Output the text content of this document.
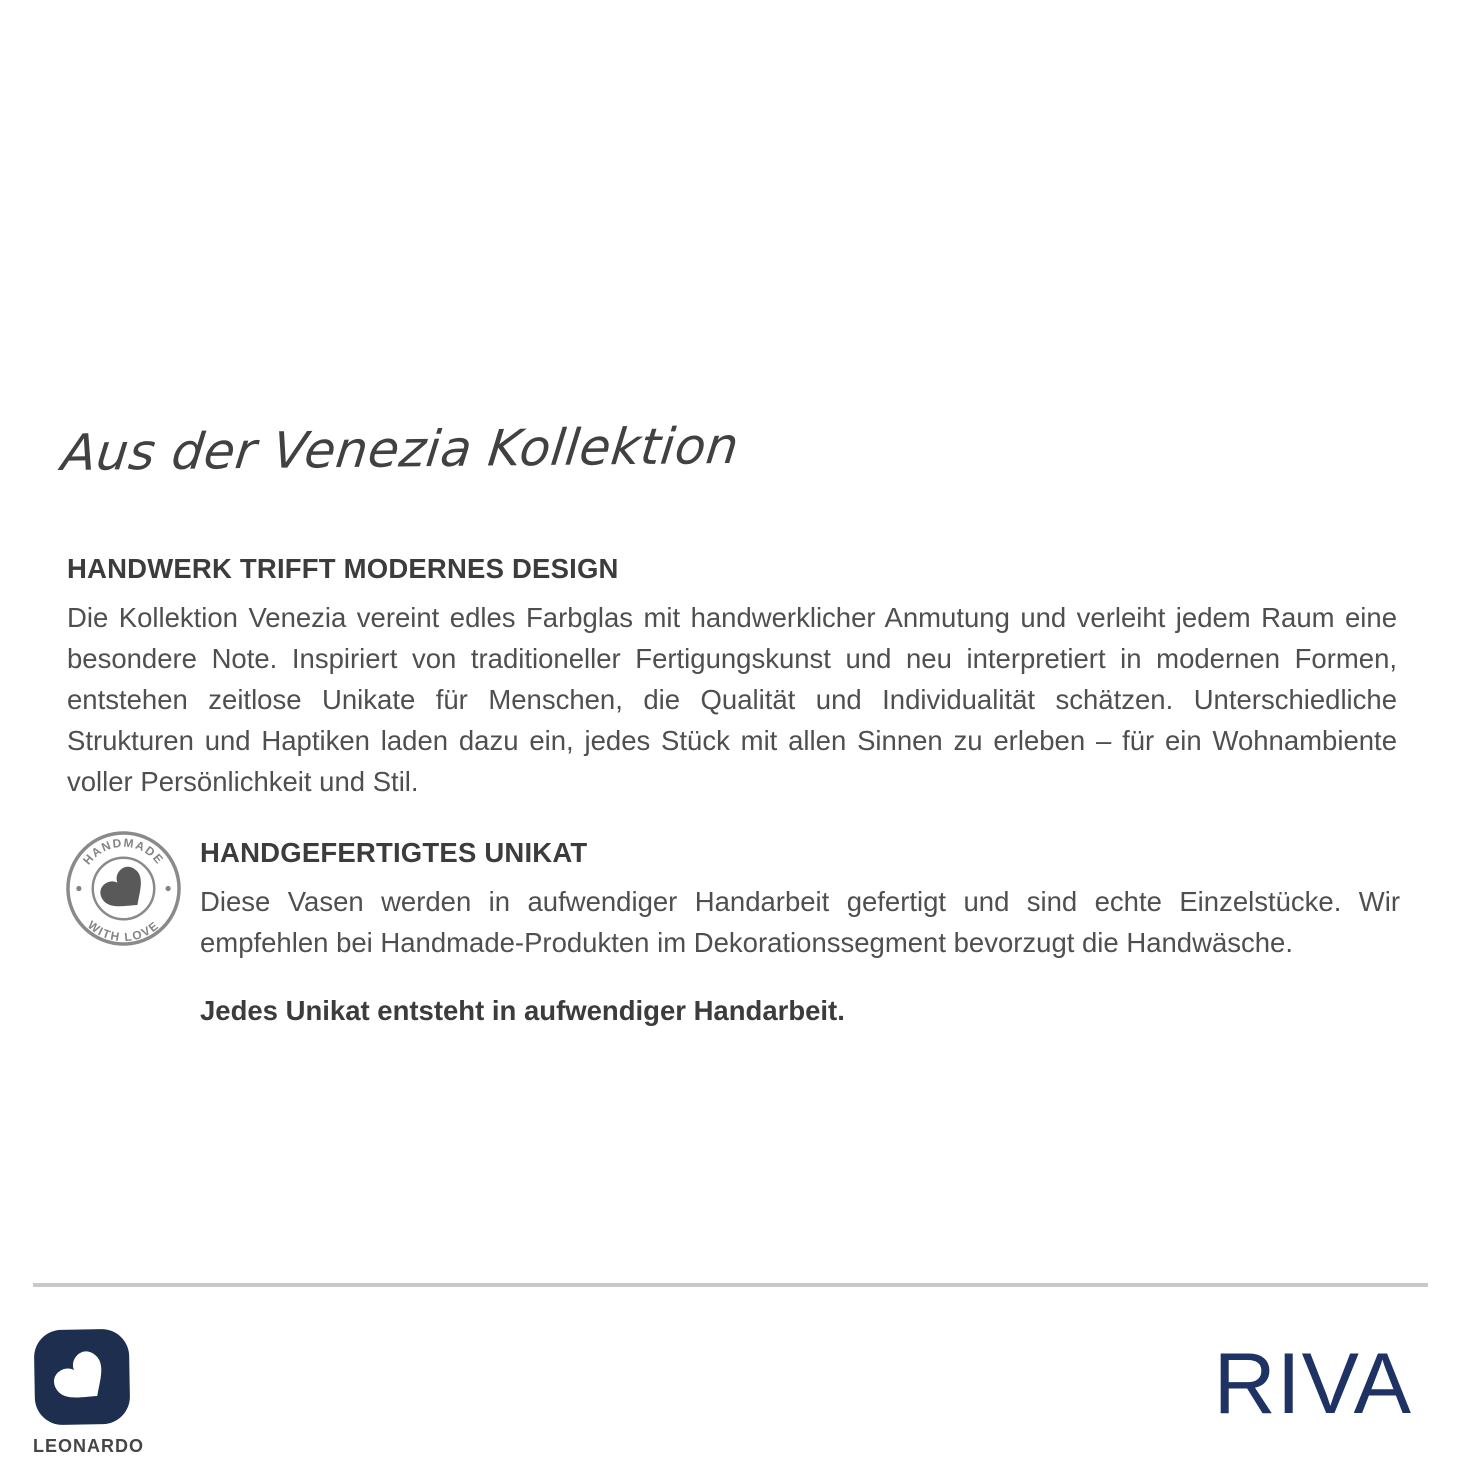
Aus der Venezia Kollektion
HANDWERK TRIFFT MODERNES DESIGN

Die Kollektion Venezia vereint edles Farbglas mit handwerklicher Anmutung und verleiht jedem Raum eine besondere Note. Inspiriert von traditioneller Fertigungskunst und neu interpretiert in modernen Formen, entstehen zeitlose Unikate für Menschen, die Qualität und Individualität schätzen. Unterschiedliche Strukturen und Haptiken laden dazu ein, jedes Stück mit allen Sinnen zu erleben – für ein Wohnambiente voller Persönlichkeit und Stil.

HANDMADE
WITH LOVE
HANDGEFERTIGTES UNIKAT

Diese Vasen werden in aufwendiger Handarbeit gefertigt und sind echte Einzelstücke. Wir empfehlen bei Handmade-Produkten im Dekorationssegment bevorzugt die Handwäsche.

Jedes Unikat entsteht in aufwendiger Handarbeit.

LEONARDO
RIVA
